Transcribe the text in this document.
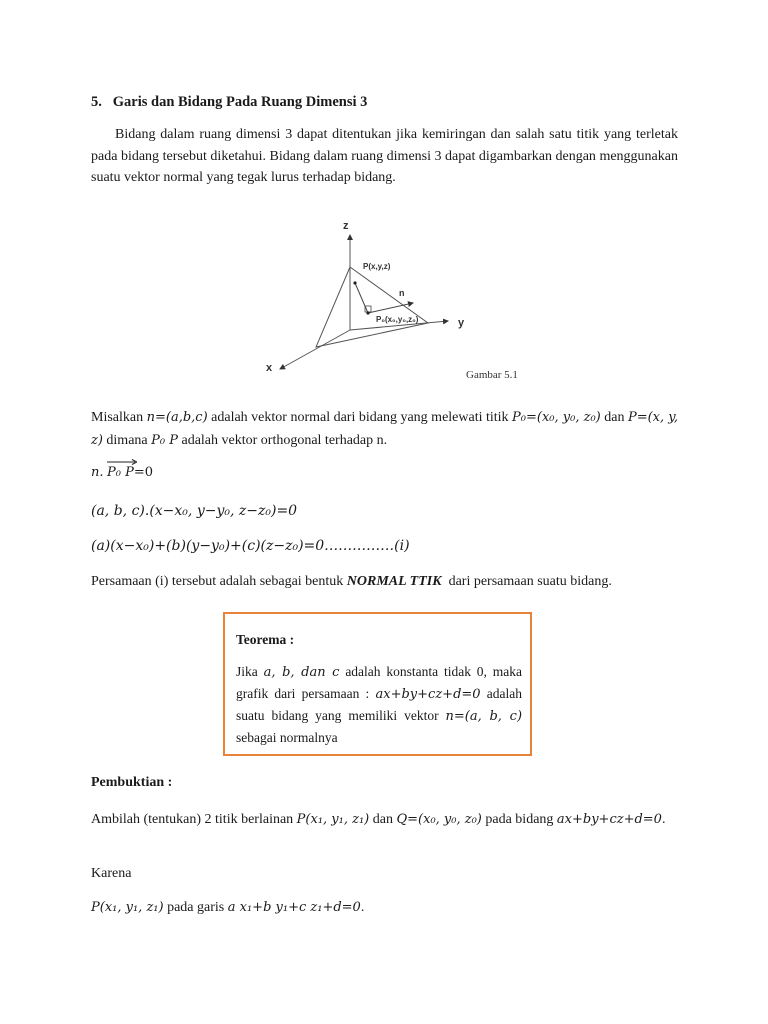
5. Garis dan Bidang Pada Ruang Dimensi 3
Bidang dalam ruang dimensi 3 dapat ditentukan jika kemiringan dan salah satu titik yang terletak pada bidang tersebut diketahui. Bidang dalam ruang dimensi 3 dapat digambarkan dengan menggunakan suatu vektor normal yang tegak lurus terhadap bidang.
z
y
x
P(x,y,z)
n
P₀(x₀,y₀,z₀)
Gambar 5.1
Misalkan n=(a,b,c) adalah vektor normal dari bidang yang melewati titik P₀=(x₀, y₀, z₀) dan P=(x, y, z) dimana P₀ P adalah vektor orthogonal terhadap n.
n. P₀ P=0
(a, b, c).(x−x₀, y−y₀, z−z₀)=0
(a)(x−x₀)+(b)(y−y₀)+(c)(z−z₀)=0……………(i)
Persamaan (i) tersebut adalah sebagai bentuk NORMAL TTIK dari persamaan suatu bidang.
Teorema :
Jika a, b, dan c adalah konstanta tidak 0, maka grafik dari persamaan : ax+by+cz+d=0 adalah suatu bidang yang memiliki vektor n=(a, b, c) sebagai normalnya
Pembuktian :
Ambilah (tentukan) 2 titik berlainan P(x₁, y₁, z₁) dan Q=(x₀, y₀, z₀) pada bidang ax+by+cz+d=0.
Karena
P(x₁, y₁, z₁) pada garis a x₁+b y₁+c z₁+d=0.
